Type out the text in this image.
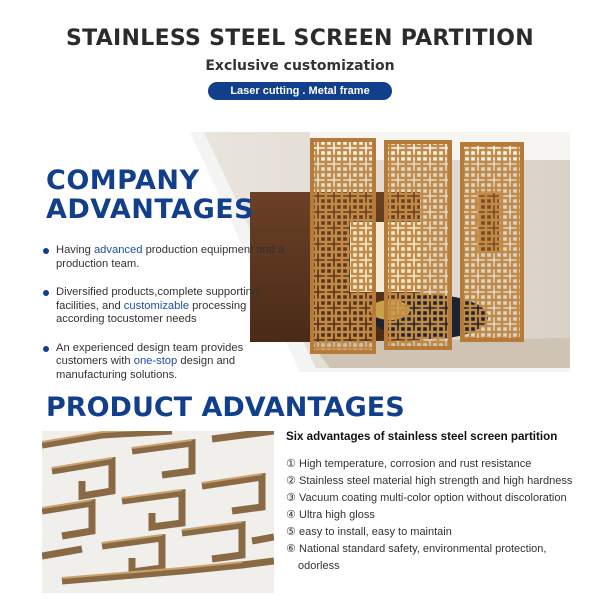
STAINLESS STEEL SCREEN PARTITION
Exclusive customization
Laser cutting . Metal frame
COMPANY
ADVANTAGES
Having advanced production equipment and a production team.
Diversified products,complete supporting facilities, and customizable processing according tocustomer needs
An experienced design team provides customers with one-stop design and manufacturing solutions.
PRODUCT ADVANTAGES
Six advantages of stainless steel screen partition
① High temperature, corrosion and rust resistance
② Stainless steel material high strength and high hardness
③ Vacuum coating multi-color option without discoloration
④ Ultra high gloss
⑤ easy to install, easy to maintain
⑥ National standard safety, environmental protection,
odorless
